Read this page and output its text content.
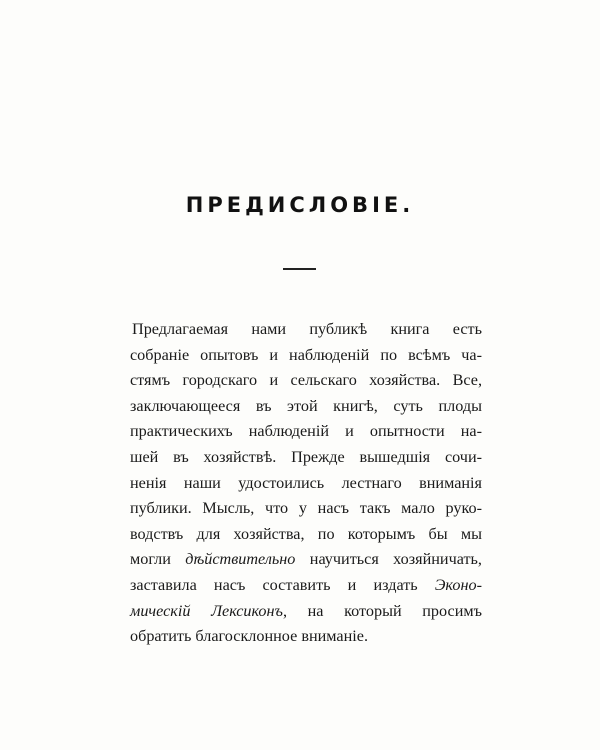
ПРЕДИСЛОВІЕ.
Предлагаемая нами публикѣ книга есть
собраніе опытовъ и наблюденій по всѣмъ ча-
стямъ городскаго и сельскаго хозяйства. Все,
заключающееся въ этой книгѣ, суть плоды
практическихъ наблюденій и опытности на-
шей въ хозяйствѣ. Прежде вышедшія сочи-
ненія наши удостоились лестнаго вниманія
публики. Мысль, что у насъ такъ мало руко-
водствъ для хозяйства, по которымъ бы мы
могли дѣйствительно научиться хозяйничать,
заставила насъ составить и издать Эконо-
мическій Лексиконъ, на который просимъ
обратить благосклонное вниманіе.
